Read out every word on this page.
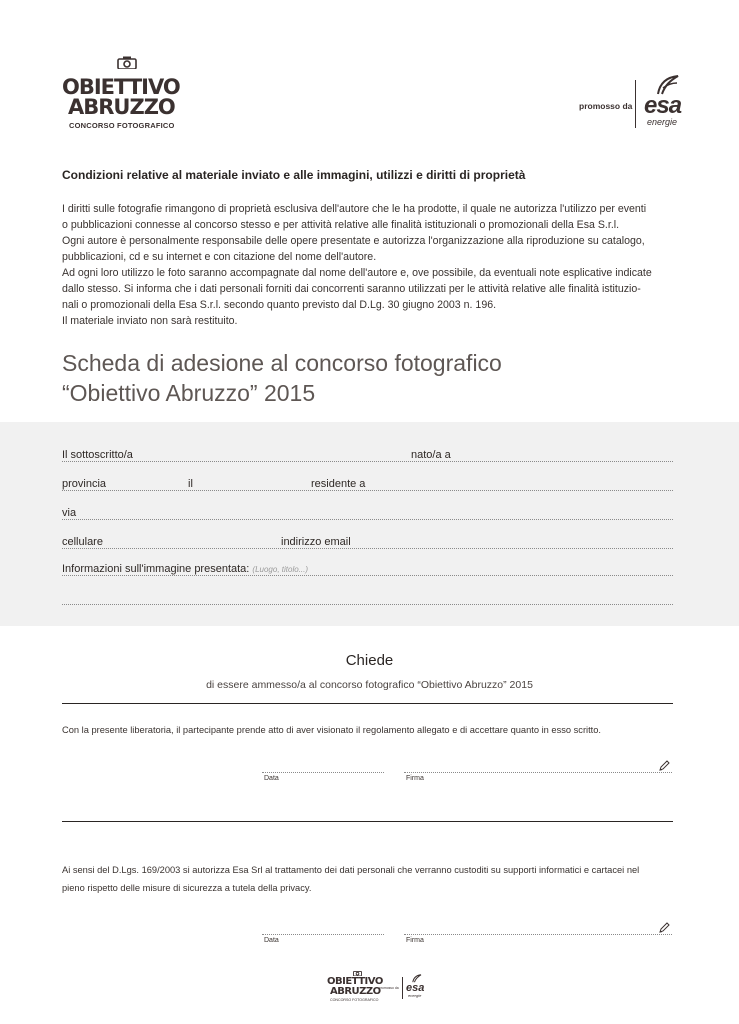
OBIETTIVO
ABRUZZO
CONCORSO FOTOGRAFICO
promosso da esa
energie
Condizioni relative al materiale inviato e alle immagini, utilizzi e diritti di proprietà
I diritti sulle fotografie rimangono di proprietà esclusiva dell'autore che le ha prodotte, il quale ne autorizza l'utilizzo per eventi
o pubblicazioni connesse al concorso stesso e per attività relative alle finalità istituzionali o promozionali della Esa S.r.l.
Ogni autore è personalmente responsabile delle opere presentate e autorizza l'organizzazione alla riproduzione su catalogo,
pubblicazioni, cd e su internet e con citazione del nome dell'autore.
Ad ogni loro utilizzo le foto saranno accompagnate dal nome dell'autore e, ove possibile, da eventuali note esplicative indicate
dallo stesso. Si informa che i dati personali forniti dai concorrenti saranno utilizzati per le attività relative alle finalità istituzio-
nali o promozionali della Esa S.r.l. secondo quanto previsto dal D.Lg. 30 giugno 2003 n. 196.
Il materiale inviato non sarà restituito.
Scheda di adesione al concorso fotografico
“Obiettivo Abruzzo” 2015
Il sottoscritto/a	nato/a a
provincia	il	residente a
via
cellulare	indirizzo email
Informazioni sull'immagine presentata: (Luogo, titolo...)
Chiede
di essere ammesso/a al concorso fotografico “Obiettivo Abruzzo” 2015
Con la presente liberatoria, il partecipante prende atto di aver visionato il regolamento allegato e di accettare quanto in esso scritto.
Data	Firma
Ai sensi del D.Lgs. 169/2003 si autorizza Esa Srl al trattamento dei dati personali che verranno custoditi su supporti informatici e cartacei nel
pieno rispetto delle misure di sicurezza a tutela della privacy.
Data	Firma
OBIETTIVO
ABRUZZO
CONCORSO FOTOGRAFICO
promosso da esa
energie
